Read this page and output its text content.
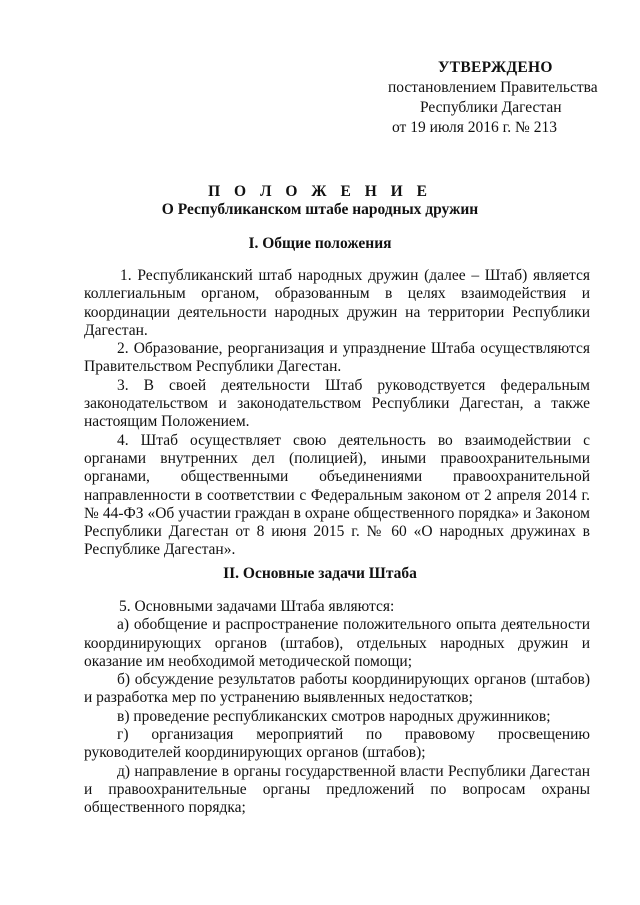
УТВЕРЖДЕНО
постановлением Правительства
Республики Дагестан
от 19 июля 2016 г. № 213
П О Л О Ж Е Н И Е
О Республиканском штабе народных дружин
I. Общие положения

1. Республиканский штаб народных дружин (далее – Штаб) является коллегиальным органом, образованным в целях взаимодействия и координации деятельности народных дружин на территории Республики Дагестан.

2. Образование, реорганизация и упразднение Штаба осуществляются Правительством Республики Дагестан.

3. В своей деятельности Штаб руководствуется федеральным законодательством и законодательством Республики Дагестан, а также настоящим Положением.

4. Штаб осуществляет свою деятельность во взаимодействии с органами внутренних дел (полицией), иными правоохранительными органами, общественными объединениями правоохранительной направленности в соответствии с Федеральным законом от 2 апреля 2014 г. № 44-ФЗ «Об участии граждан в охране общественного порядка» и Законом Республики Дагестан от 8 июня 2015 г. № 60 «О народных дружинах в Республике Дагестан».

II. Основные задачи Штаба

5. Основными задачами Штаба являются:

а) обобщение и распространение положительного опыта деятельности координирующих органов (штабов), отдельных народных дружин и оказание им необходимой методической помощи;

б) обсуждение результатов работы координирующих органов (штабов) и разработка мер по устранению выявленных недостатков;

в) проведение республиканских смотров народных дружинников;

г) организация мероприятий по правовому просвещению руководителей координирующих органов (штабов);

д) направление в органы государственной власти Республики Дагестан и правоохранительные органы предложений по вопросам охраны общественного порядка;
